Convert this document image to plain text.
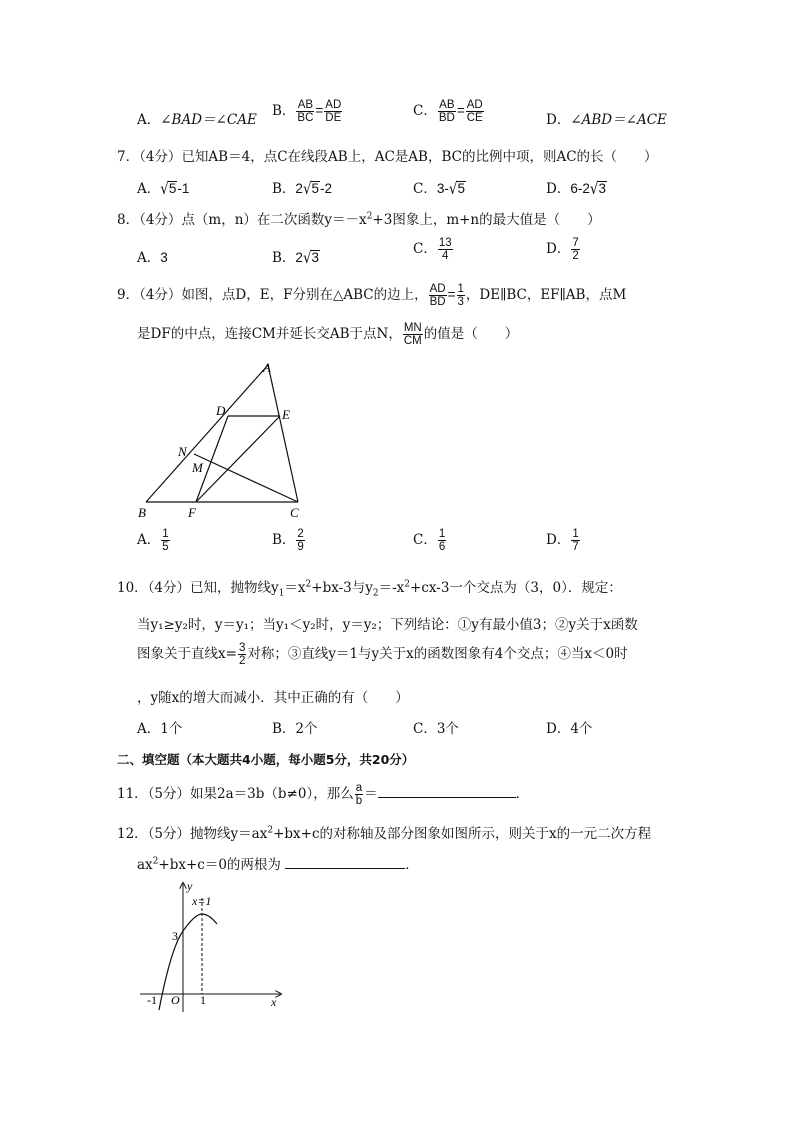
A．∠BAD＝∠CAE
B． $\frac{AB}{BC} = \frac{AD}{DE}$	C． $\frac{AB}{BD} = \frac{AD}{CE}$	D．∠ABD＝∠ACE
7．（4分）已知AB＝4，点C在线段AB上，AC是AB，BC的比例中项，则AC的长（　　）
A．√5-1	B．2√5-2	C．3-√5	D．6-2√3
8．（4分）点（m，n）在二次函数$y=-x^2+3$图象上，m+n的最大值是（　　）
A．3	B．2√3
C． $\frac{13}{4}$	D． $\frac{7}{2}$
9．（4分）如图，点D，E，F分别在△ABC的边上， $\frac{AD}{BD} = \frac{1}{3}$ ，DE∥BC，EF∥AB，点M
是DF的中点，连接CM并延长交AB于点N， $\frac{MN}{CM}$ 的值是（　　）
A
D	E
N
M
B	F	C
A． $\frac{1}{5}$	B． $\frac{2}{9}$	C． $\frac{1}{6}$	D． $\frac{1}{7}$
10．（4分）已知，抛物线$y_1=x^2+bx-3$与$y_2=-x^2+cx-3$一个交点为（3，0）．规定：
当y₁≥y₂时，y＝y₁；当y₁＜y₂时，y＝y₂；下列结论：①y有最小值3；②y关于x函数
图象关于直线$x= \frac{3}{2}$ 对称；③直线y＝1与y关于x的函数图象有4个交点；④当x＜0时
，y随x的增大而减小．其中正确的有（　　）
A．1个	B．2个	C．3个	D．4个
二、填空题（本大题共4小题，每小题5分，共20分）
11．（5分）如果2a＝3b（b≠0），那么 $\frac{a}{b}$ ＝	．
12．（5分）抛物线$y=ax^2+bx+c$的对称轴及部分图象如图所示，则关于x的一元二次方程
$ax^2+bx+c=0$的两根为	．
y
x=1
3
-1 O 1	x
